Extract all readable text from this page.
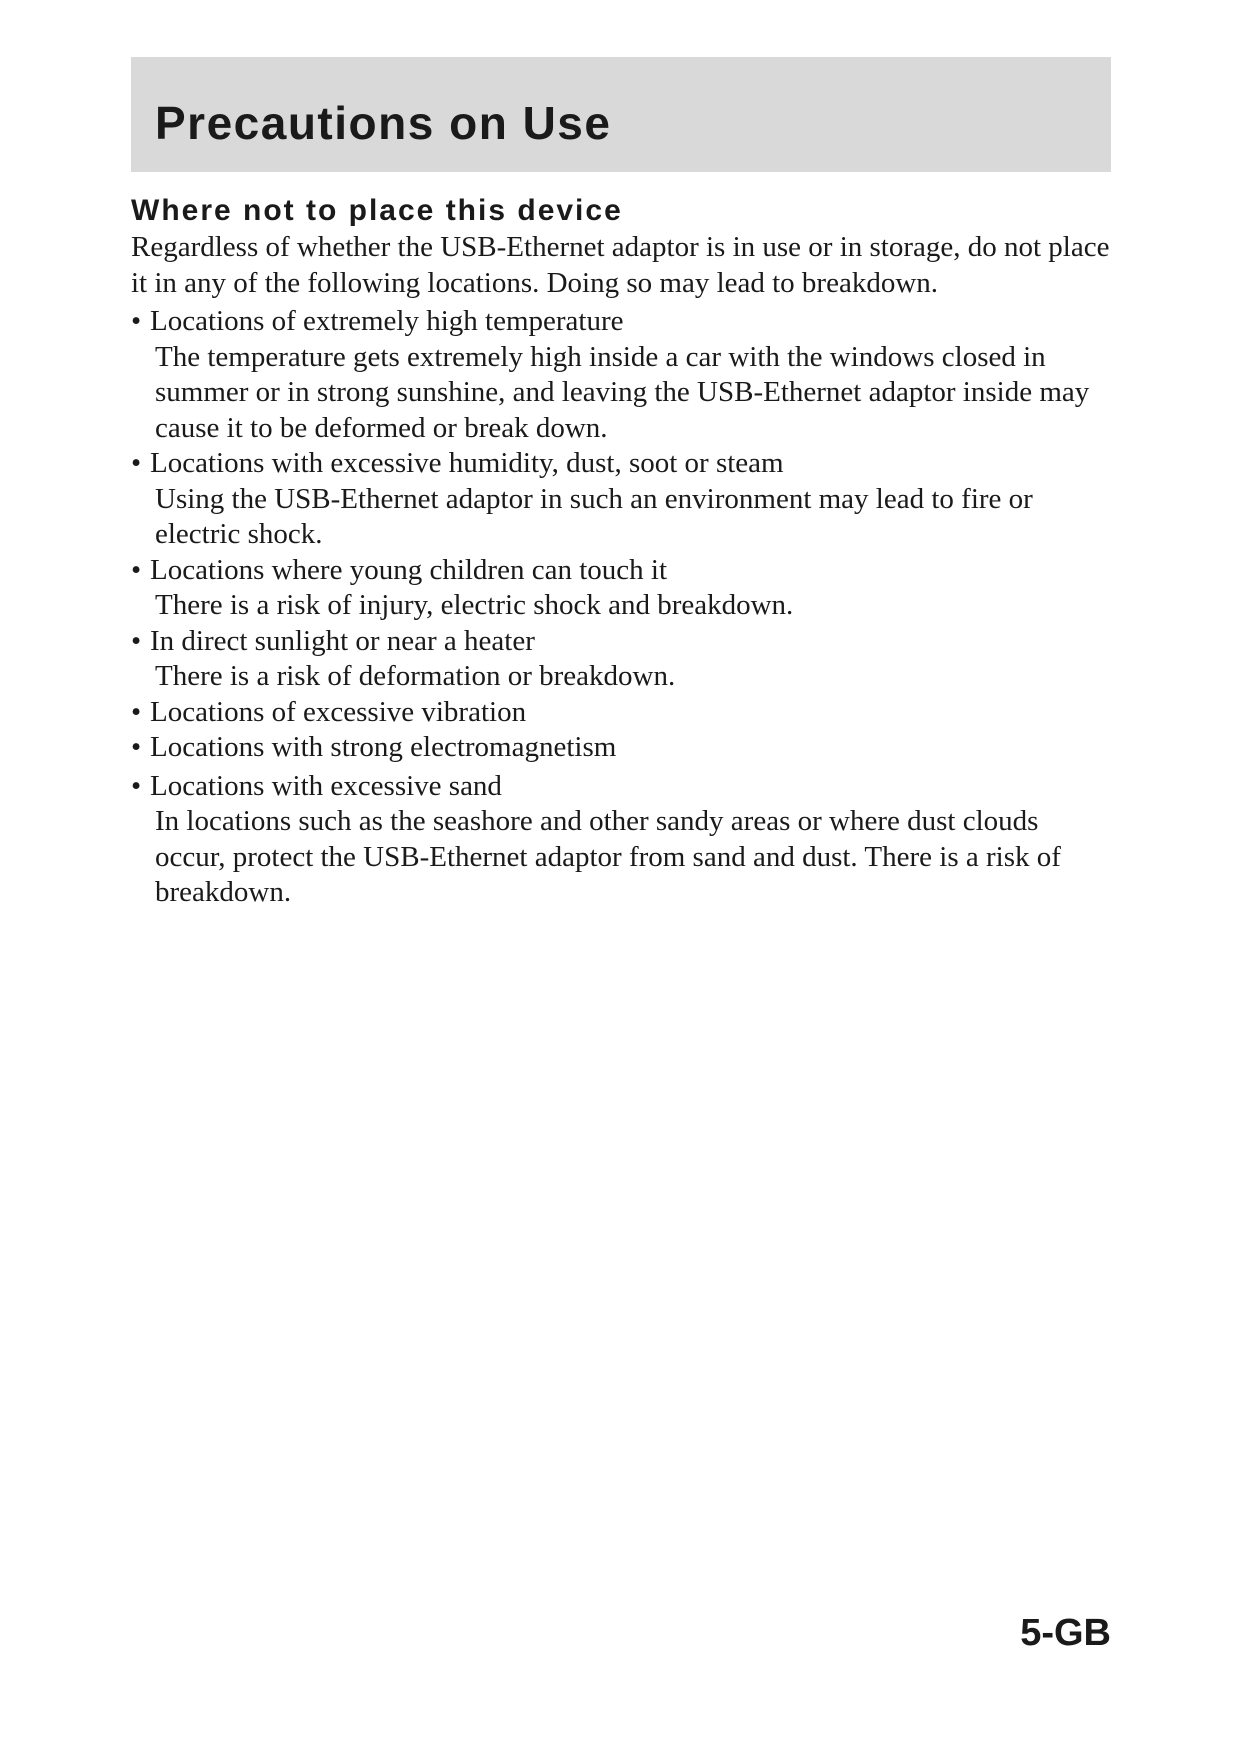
Precautions on Use
Where not to place this device

Regardless of whether the USB-Ethernet adaptor is in use or in storage, do not place it in any of the following locations. Doing so may lead to breakdown.

• Locations of extremely high temperature
The temperature gets extremely high inside a car with the windows closed in summer or in strong sunshine, and leaving the USB-Ethernet adaptor inside may cause it to be deformed or break down.
• Locations with excessive humidity, dust, soot or steam
Using the USB-Ethernet adaptor in such an environment may lead to fire or electric shock.
• Locations where young children can touch it
There is a risk of injury, electric shock and breakdown.
• In direct sunlight or near a heater
There is a risk of deformation or breakdown.
• Locations of excessive vibration
• Locations with strong electromagnetism
• Locations with excessive sand
In locations such as the seashore and other sandy areas or where dust clouds occur, protect the USB-Ethernet adaptor from sand and dust. There is a risk of breakdown.

5-GB
